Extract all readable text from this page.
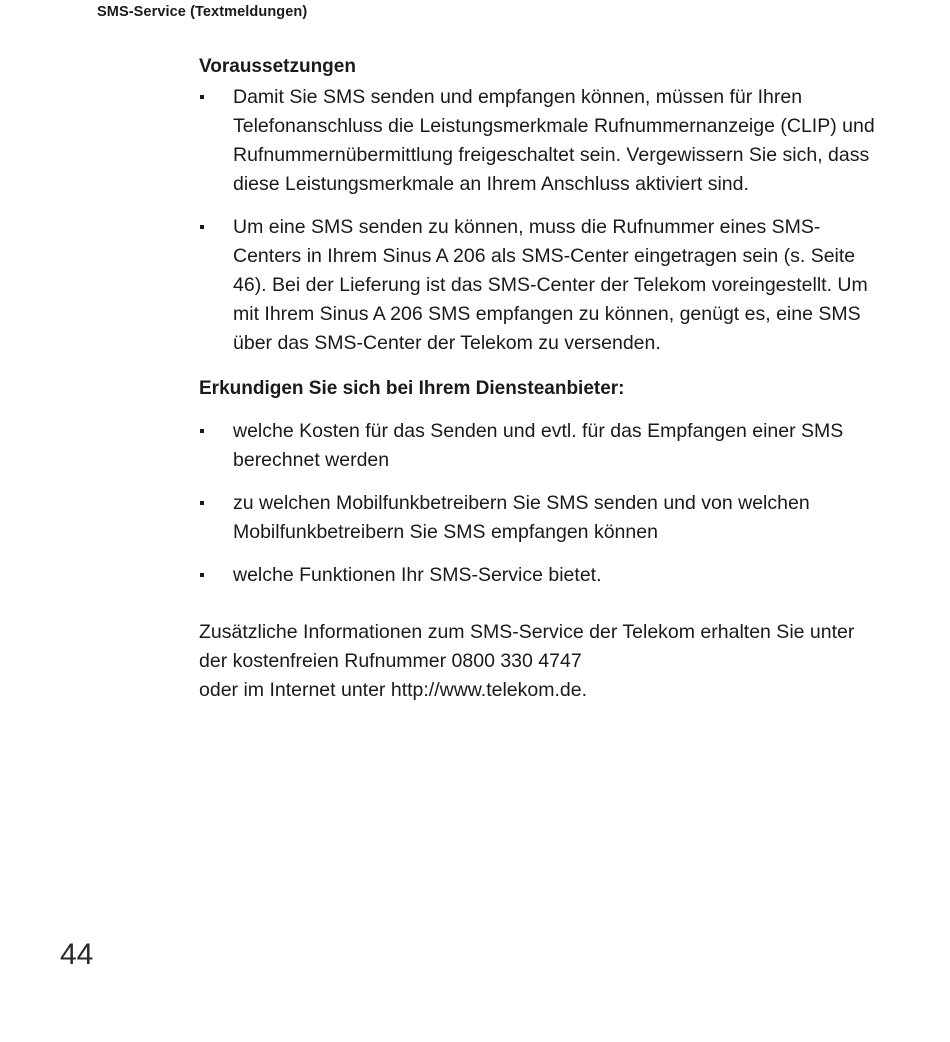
SMS-Service (Textmeldungen)
Voraussetzungen
Damit Sie SMS senden und empfangen können, müssen für Ihren Telefonanschluss die Leistungsmerkmale Rufnummernanzeige (CLIP) und Rufnummernübermittlung freigeschaltet sein. Vergewissern Sie sich, dass diese Leistungsmerkmale an Ihrem Anschluss aktiviert sind.
Um eine SMS senden zu können, muss die Rufnummer eines SMS-Centers in Ihrem Sinus A 206 als SMS-Center eingetragen sein (s. Seite 46). Bei der Lieferung ist das SMS-Center der Telekom voreingestellt. Um mit Ihrem Sinus A 206 SMS empfangen zu können, genügt es, eine SMS über das SMS-Center der Telekom zu versenden.
Erkundigen Sie sich bei Ihrem Diensteanbieter:
welche Kosten für das Senden und evtl. für das Empfangen einer SMS berechnet werden
zu welchen Mobilfunkbetreibern Sie SMS senden und von welchen Mobilfunkbetreibern Sie SMS empfangen können
welche Funktionen Ihr SMS-Service bietet.
Zusätzliche Informationen zum SMS-Service der Telekom erhalten Sie unter der kostenfreien Rufnummer 0800 330 4747
oder im Internet unter http://www.telekom.de.
44
